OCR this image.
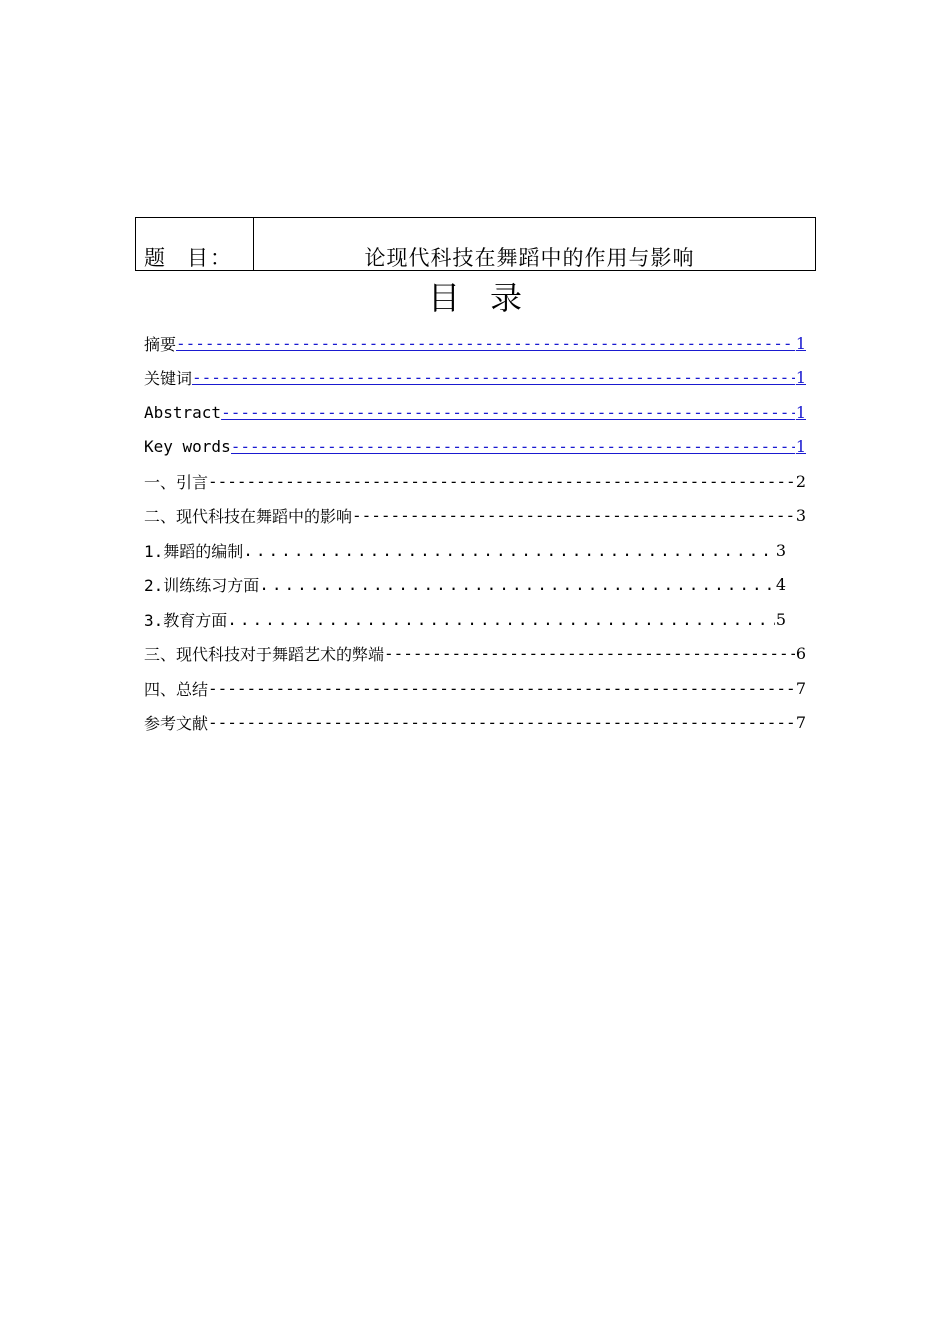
题 目：	论现代科技在舞蹈中的作用与影响
目 录
摘要 -----	1
关键词 -----	1
Abstract -----	1
Key words -----	1
一、引言 -----	2
二、现代科技在舞蹈中的影响 -----	3
1.舞蹈的编制 .....	3
2.训练练习方面 .....	4
3.教育方面 .....	5
三、现代科技对于舞蹈艺术的弊端 -----	6
四、总结 -----	7
参考文献 -----	7
